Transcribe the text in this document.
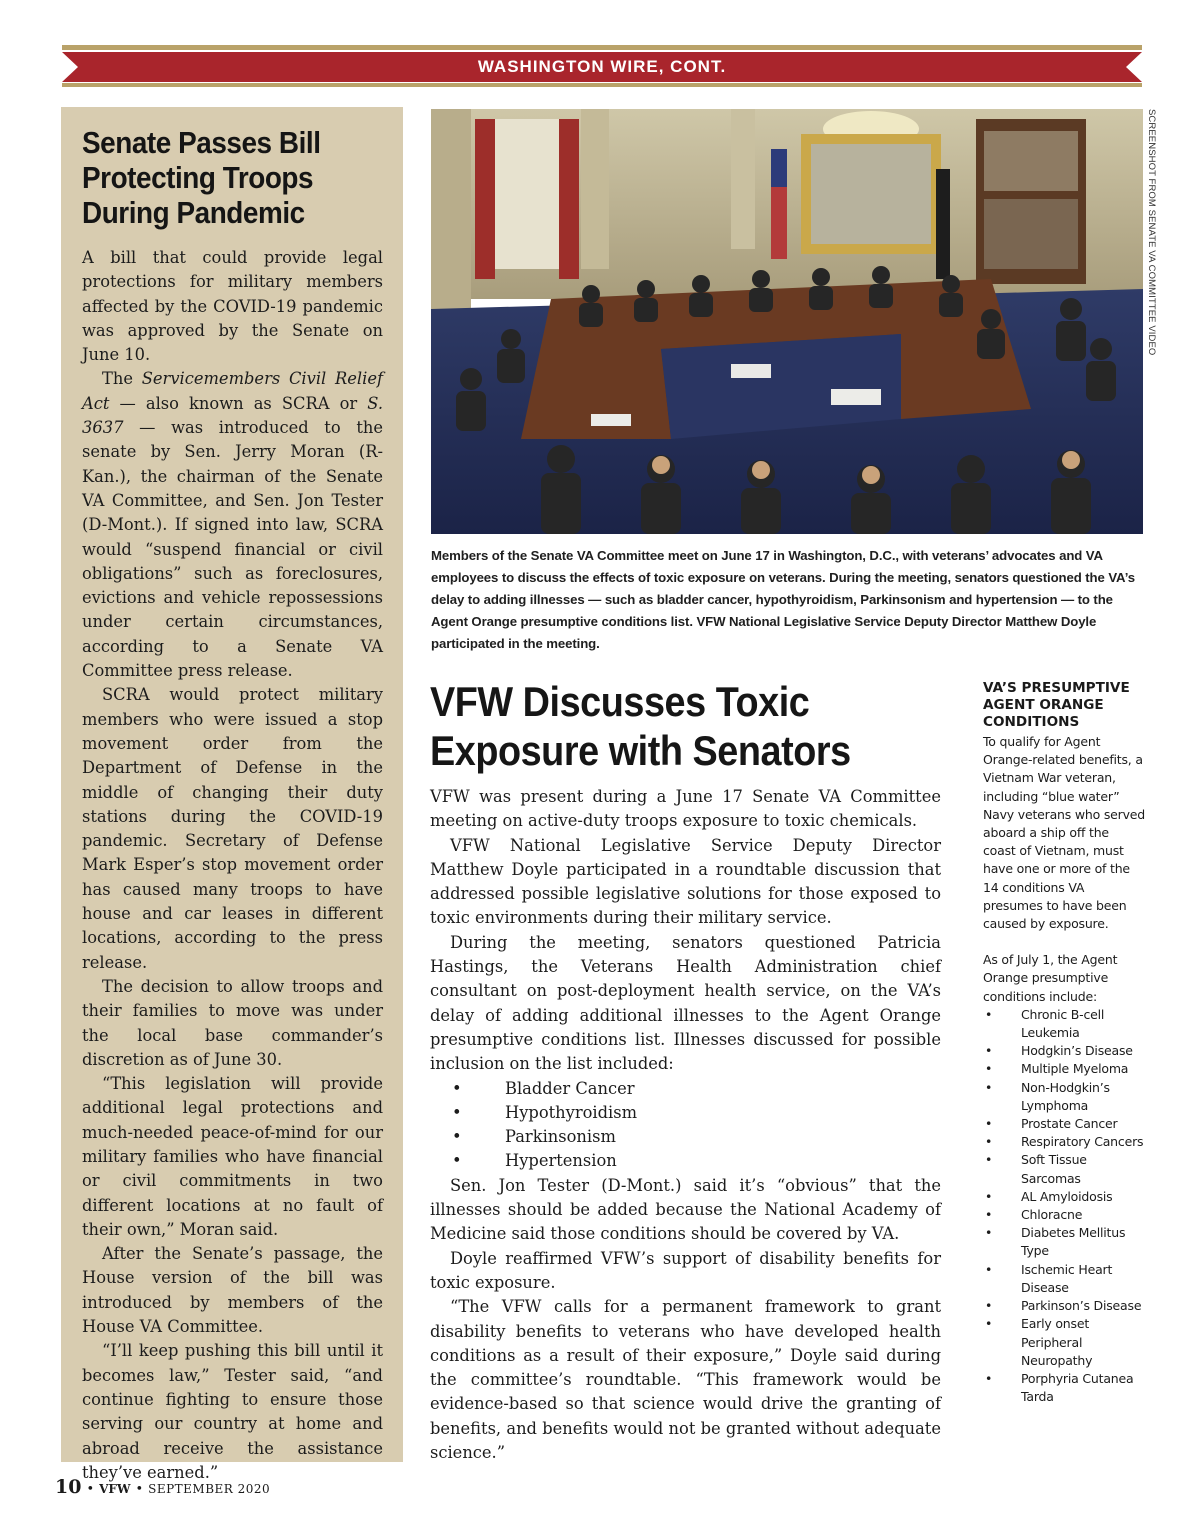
WASHINGTON WIRE, CONT.
Senate Passes Bill
Protecting Troops
During Pandemic

A bill that could provide legal protections for military members affected by the COVID-19 pandemic was approved by the Senate on June 10.

The Servicemembers Civil Relief Act — also known as SCRA or S. 3637 — was introduced to the senate by Sen. Jerry Moran (R-Kan.), the chairman of the Senate VA Committee, and Sen. Jon Tester (D-Mont.). If signed into law, SCRA would “suspend financial or civil obligations” such as foreclosures, evictions and vehicle repossessions under certain circumstances, according to a Senate VA Committee press release.

SCRA would protect military members who were issued a stop movement order from the Department of Defense in the middle of changing their duty stations during the COVID-19 pandemic. Secretary of Defense Mark Esper’s stop movement order has caused many troops to have house and car leases in different locations, according to the press release.

The decision to allow troops and their families to move was under the local base commander’s discretion as of June 30.

“This legislation will provide additional legal protections and much-needed peace-of-mind for our military families who have financial or civil commitments in two different locations at no fault of their own,” Moran said.

After the Senate’s passage, the House version of the bill was introduced by members of the House VA Committee.

“I’ll keep pushing this bill until it becomes law,” Tester said, “and continue fighting to ensure those serving our country at home and abroad receive the assistance they’ve earned.”

SCREENSHOT FROM SENATE VA COMMITTEE VIDEO

Members of the Senate VA Committee meet on June 17 in Washington, D.C., with veterans’ advocates and VA employees to discuss the effects of toxic exposure on veterans. During the meeting, senators questioned the VA’s delay to adding illnesses — such as bladder cancer, hypothyroidism, Parkinsonism and hypertension — to the Agent Orange presumptive conditions list. VFW National Legislative Service Deputy Director Matthew Doyle participated in the meeting.

VFW Discusses Toxic
Exposure with Senators

VFW was present during a June 17 Senate VA Committee meeting on active-duty troops exposure to toxic chemicals.

VFW National Legislative Service Deputy Director Matthew Doyle participated in a roundtable discussion that addressed possible legislative solutions for those exposed to toxic environments during their military service.

During the meeting, senators questioned Patricia Hastings, the Veterans Health Administration chief consultant on post-deployment health service, on the VA’s delay of adding additional illnesses to the Agent Orange presumptive conditions list. Illnesses discussed for possible inclusion on the list included:

•	Bladder Cancer
•	Hypothyroidism
•	Parkinsonism
•	Hypertension

Sen. Jon Tester (D-Mont.) said it’s “obvious” that the illnesses should be added because the National Academy of Medicine said those conditions should be covered by VA.

Doyle reaffirmed VFW’s support of disability benefits for toxic exposure.

“The VFW calls for a permanent framework to grant disability benefits to veterans who have developed health conditions as a result of their exposure,” Doyle said during the committee’s roundtable. “This framework would be evidence-based so that science would drive the granting of benefits, and benefits would not be granted without adequate science.”

VA’S PRESUMPTIVE
AGENT ORANGE
CONDITIONS

To qualify for Agent Orange-related benefits, a Vietnam War veteran, including “blue water” Navy veterans who served aboard a ship off the coast of Vietnam, must have one or more of the 14 conditions VA presumes to have been caused by exposure.

As of July 1, the Agent Orange presumptive conditions include:

• Chronic B-cell Leukemia
• Hodgkin’s Disease
• Multiple Myeloma
• Non-Hodgkin’s Lymphoma
• Prostate Cancer
• Respiratory Cancers
• Soft Tissue Sarcomas
• AL Amyloidosis
• Chloracne
• Diabetes Mellitus Type
• Ischemic Heart Disease
• Parkinson’s Disease
• Early onset Peripheral Neuropathy
• Porphyria Cutanea Tarda
10 • VFW • SEPTEMBER 2020
